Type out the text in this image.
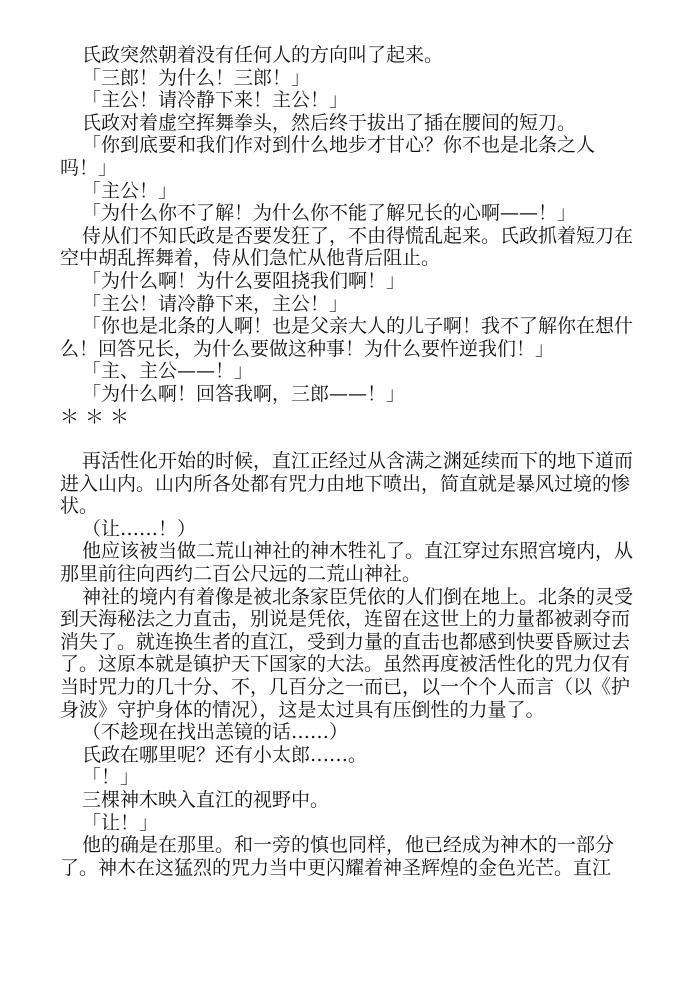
氏政突然朝着没有任何人的方向叫了起来。

「三郎！为什么！三郎！」

「主公！请冷静下来！主公！」

氏政对着虚空挥舞拳头，然后终于拔出了插在腰间的短刀。

「你到底要和我们作对到什么地步才甘心？你不也是北条之人吗！」

「主公！」

「为什么你不了解！为什么你不能了解兄长的心啊——！」

侍从们不知氏政是否要发狂了，不由得慌乱起来。氏政抓着短刀在空中胡乱挥舞着，侍从们急忙从他背后阻止。

「为什么啊！为什么要阻挠我们啊！」

「主公！请冷静下来，主公！」

「你也是北条的人啊！也是父亲大人的儿子啊！我不了解你在想什么！回答兄长，为什么要做这种事！为什么要忤逆我们！」

「主、主公——！」

「为什么啊！回答我啊，三郎——！」

＊＊＊

再活性化开始的时候，直江正经过从含满之渊延续而下的地下道而进入山内。山内所各处都有咒力由地下喷出，简直就是暴风过境的惨状。

（让……！）

他应该被当做二荒山神社的神木牲礼了。直江穿过东照宫境内，从那里前往向西约二百公尺远的二荒山神社。

神社的境内有着像是被北条家臣凭依的人们倒在地上。北条的灵受到天海秘法之力直击，别说是凭依，连留在这世上的力量都被剥夺而消失了。就连换生者的直江，受到力量的直击也都感到快要昏厥过去了。这原本就是镇护天下国家的大法。虽然再度被活性化的咒力仅有当时咒力的几十分、不，几百分之一而已，以一个个人而言（以《护身波》守护身体的情况），这是太过具有压倒性的力量了。

（不趁现在找出恙镜的话……）

氏政在哪里呢？还有小太郎……。

「！」

三棵神木映入直江的视野中。

「让！」

他的确是在那里。和一旁的慎也同样，他已经成为神木的一部分了。神木在这猛烈的咒力当中更闪耀着神圣辉煌的金色光芒。直江
